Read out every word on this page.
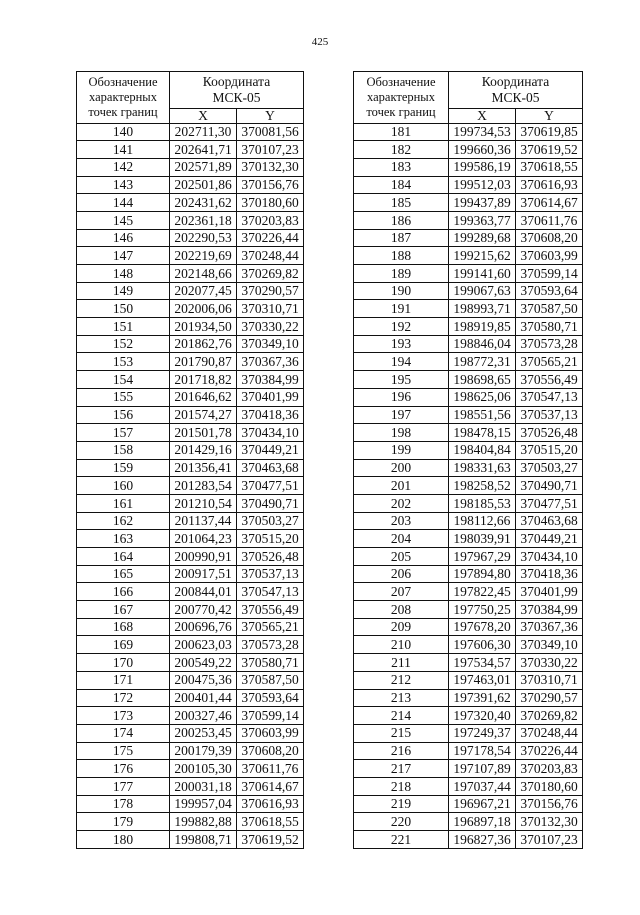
425
Обозначение
характерных
точек границ	Координата
МСК-05	
	X	Y
140	202711,30	370081,56
141	202641,71	370107,23
142	202571,89	370132,30
143	202501,86	370156,76
144	202431,62	370180,60
145	202361,18	370203,83
146	202290,53	370226,44
147	202219,69	370248,44
148	202148,66	370269,82
149	202077,45	370290,57
150	202006,06	370310,71
151	201934,50	370330,22
152	201862,76	370349,10
153	201790,87	370367,36
154	201718,82	370384,99
155	201646,62	370401,99
156	201574,27	370418,36
157	201501,78	370434,10
158	201429,16	370449,21
159	201356,41	370463,68
160	201283,54	370477,51
161	201210,54	370490,71
162	201137,44	370503,27
163	201064,23	370515,20
164	200990,91	370526,48
165	200917,51	370537,13
166	200844,01	370547,13
167	200770,42	370556,49
168	200696,76	370565,21
169	200623,03	370573,28
170	200549,22	370580,71
171	200475,36	370587,50
172	200401,44	370593,64
173	200327,46	370599,14
174	200253,45	370603,99
175	200179,39	370608,20
176	200105,30	370611,76
177	200031,18	370614,67
178	199957,04	370616,93
179	199882,88	370618,55
180	199808,71	370619,52
Обозначение
характерных
точек границ	Координата
МСК-05	
	X	Y
181	199734,53	370619,85
182	199660,36	370619,52
183	199586,19	370618,55
184	199512,03	370616,93
185	199437,89	370614,67
186	199363,77	370611,76
187	199289,68	370608,20
188	199215,62	370603,99
189	199141,60	370599,14
190	199067,63	370593,64
191	198993,71	370587,50
192	198919,85	370580,71
193	198846,04	370573,28
194	198772,31	370565,21
195	198698,65	370556,49
196	198625,06	370547,13
197	198551,56	370537,13
198	198478,15	370526,48
199	198404,84	370515,20
200	198331,63	370503,27
201	198258,52	370490,71
202	198185,53	370477,51
203	198112,66	370463,68
204	198039,91	370449,21
205	197967,29	370434,10
206	197894,80	370418,36
207	197822,45	370401,99
208	197750,25	370384,99
209	197678,20	370367,36
210	197606,30	370349,10
211	197534,57	370330,22
212	197463,01	370310,71
213	197391,62	370290,57
214	197320,40	370269,82
215	197249,37	370248,44
216	197178,54	370226,44
217	197107,89	370203,83
218	197037,44	370180,60
219	196967,21	370156,76
220	196897,18	370132,30
221	196827,36	370107,23
